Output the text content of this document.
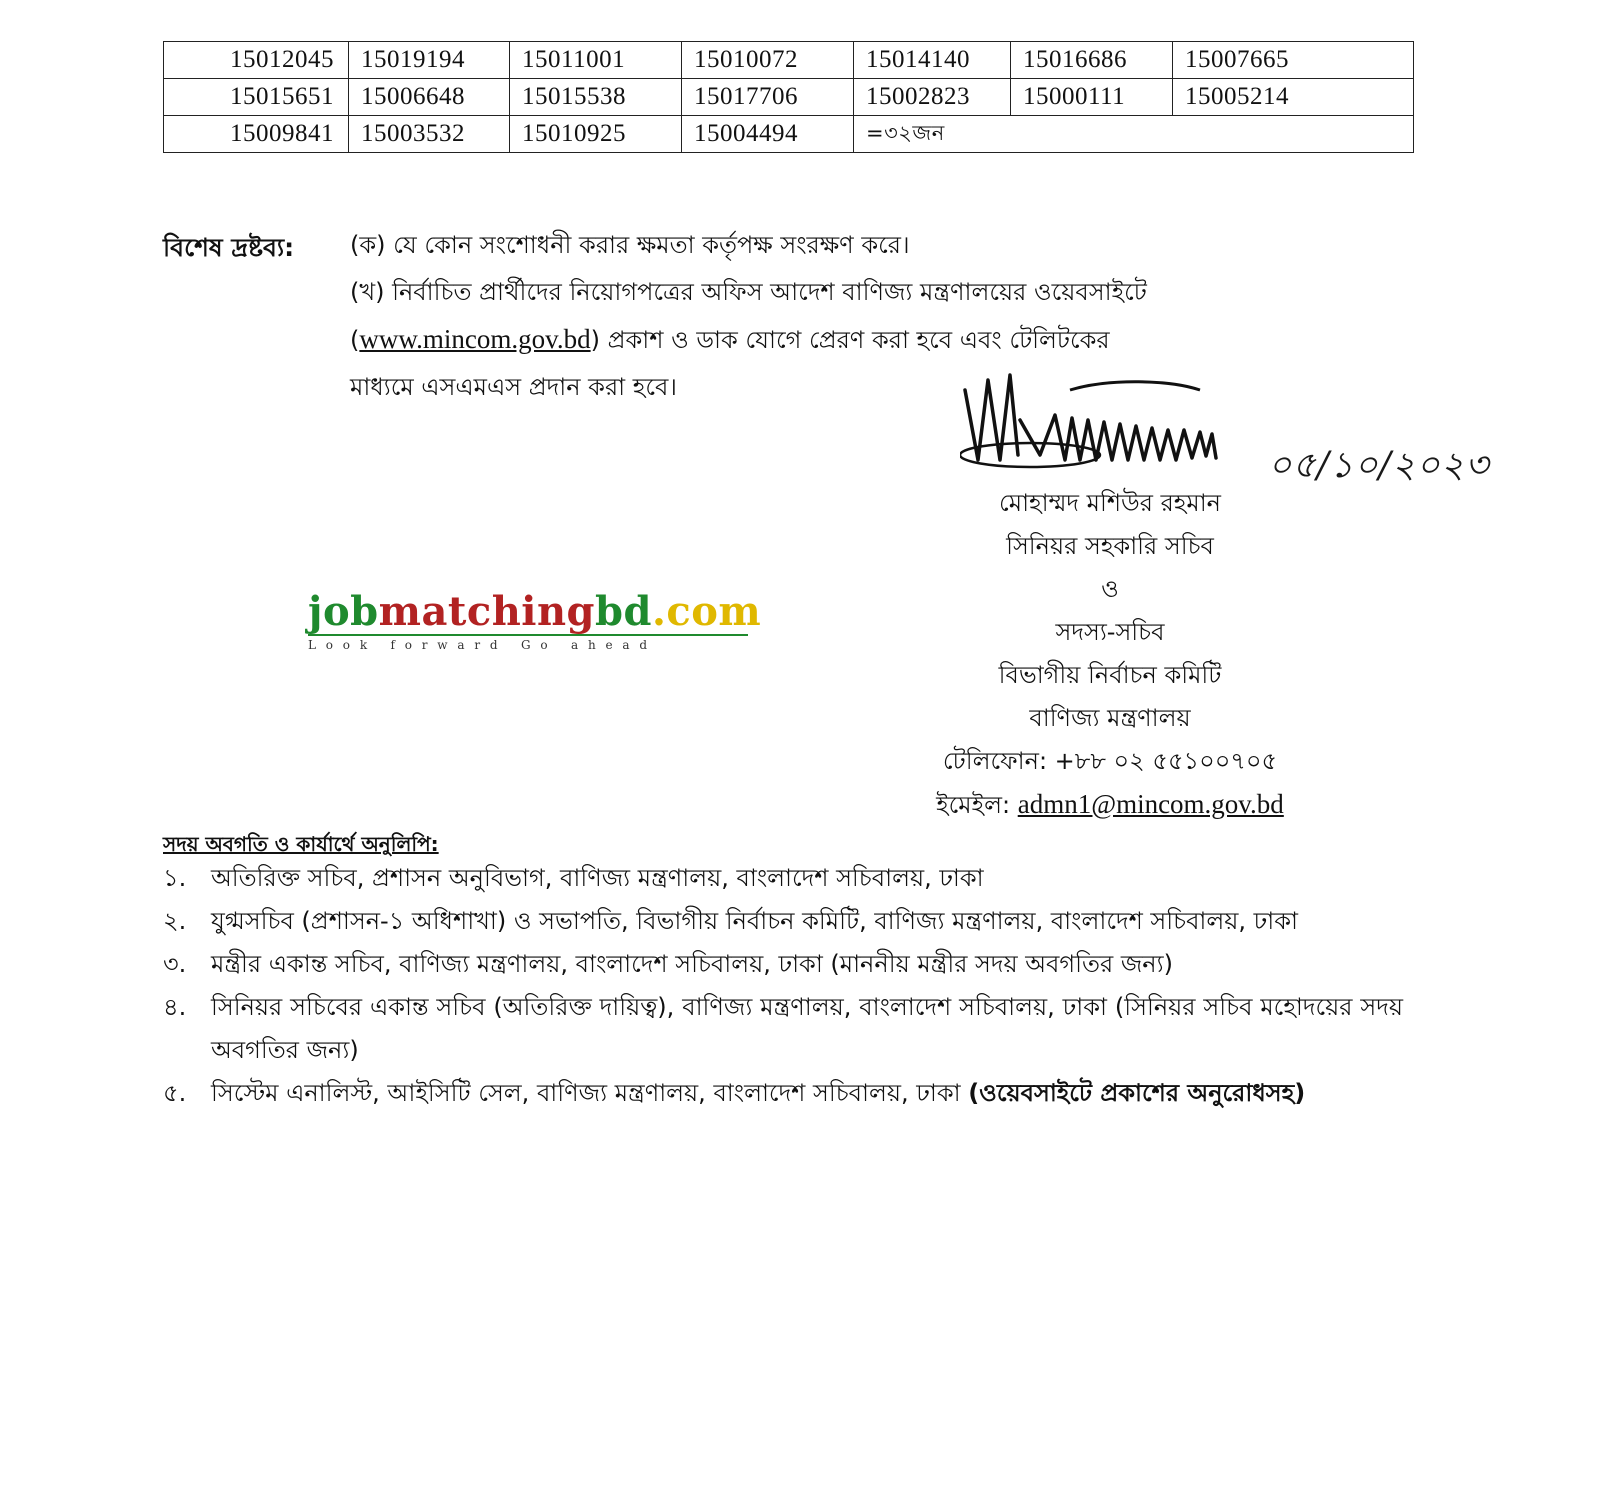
15012045	15019194	15011001	15010072	15014140	15016686	15007665
15015651	15006648	15015538	15017706	15002823	15000111	15005214
15009841	15003532	15010925	15004494	=৩২জন		
বিশেষ দ্রষ্টব্য: (ক) যে কোন সংশোধনী করার ক্ষমতা কর্তৃপক্ষ সংরক্ষণ করে।
(খ) নির্বাচিত প্রার্থীদের নিয়োগপত্রের অফিস আদেশ বাণিজ্য মন্ত্রণালয়ের ওয়েবসাইটে
(www.mincom.gov.bd) প্রকাশ ও ডাক যোগে প্রেরণ করা হবে এবং টেলিটকের
মাধ্যমে এসএমএস প্রদান করা হবে।
০৫/১০/২০২৩
মোহাম্মদ মশিউর রহমান
সিনিয়র সহকারি সচিব
ও
সদস্য-সচিব
বিভাগীয় নির্বাচন কমিটি
বাণিজ্য মন্ত্রণালয়
টেলিফোন: +৮৮ ০২ ৫৫১০০৭০৫
ইমেইল: admn1@mincom.gov.bd
jobmatchingbd.com
Look forward Go ahead
সদয় অবগতি ও কার্যার্থে অনুলিপি:
১. অতিরিক্ত সচিব, প্রশাসন অনুবিভাগ, বাণিজ্য মন্ত্রণালয়, বাংলাদেশ সচিবালয়, ঢাকা
২. যুগ্মসচিব (প্রশাসন-১ অধিশাখা) ও সভাপতি, বিভাগীয় নির্বাচন কমিটি, বাণিজ্য মন্ত্রণালয়, বাংলাদেশ সচিবালয়, ঢাকা
৩. মন্ত্রীর একান্ত সচিব, বাণিজ্য মন্ত্রণালয়, বাংলাদেশ সচিবালয়, ঢাকা (মাননীয় মন্ত্রীর সদয় অবগতির জন্য)
৪. সিনিয়র সচিবের একান্ত সচিব (অতিরিক্ত দায়িত্ব), বাণিজ্য মন্ত্রণালয়, বাংলাদেশ সচিবালয়, ঢাকা (সিনিয়র সচিব মহোদয়ের সদয় অবগতির জন্য)
৫. সিস্টেম এনালিস্ট, আইসিটি সেল, বাণিজ্য মন্ত্রণালয়, বাংলাদেশ সচিবালয়, ঢাকা (ওয়েবসাইটে প্রকাশের অনুরোধসহ)
